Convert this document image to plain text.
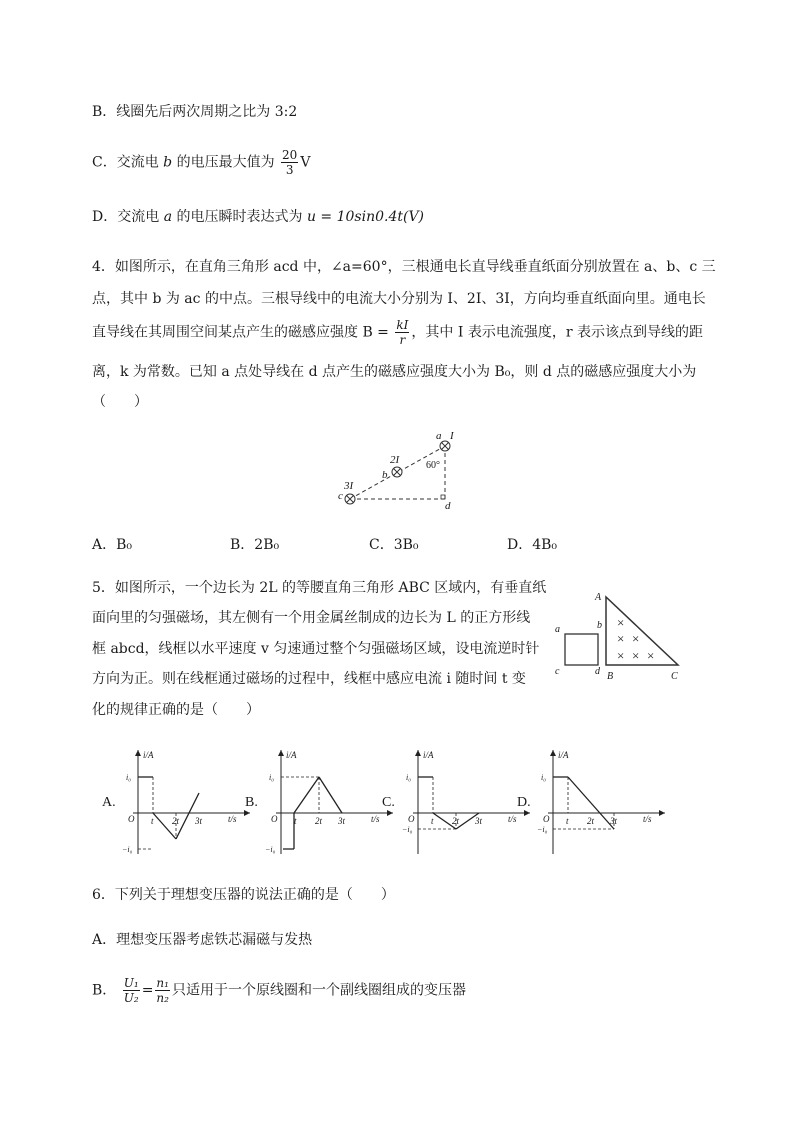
B．线圈先后两次周期之比为 3:2
C．交流电 b 的电压最大值为 $\frac{20}{3}$ V
D．交流电 a 的电压瞬时表达式为 u = 10sin0.4t(V)
4．如图所示，在直角三角形 acd 中，∠a=60°，三根通电长直导线垂直纸面分别放置在 a、b、c 三
点，其中 b 为 ac 的中点。三根导线中的电流大小分别为 I、2I、3I，方向均垂直纸面向里。通电长
直导线在其周围空间某点产生的磁感应强度 $B = \frac{kI}{r}$ ，其中 I 表示电流强度，r 表示该点到导线的距
离，k 为常数。已知 a 点处导线在 d 点产生的磁感应强度大小为 B₀，则 d 点的磁感应强度大小为
（　　）
a I
60°
2I
b
3I
c
d
A．B₀	B．2B₀	C．3B₀	D．4B₀
5．如图所示，一个边长为 2L 的等腰直角三角形 ABC 区域内，有垂直纸
面向里的匀强磁场，其左侧有一个用金属丝制成的边长为 L 的正方形线
框 abcd，线框以水平速度 v 匀速通过整个匀强磁场区域，设电流逆时针
方向为正。则在线框通过磁场的过程中，线框中感应电流 i 随时间 t 变
化的规律正确的是（　　）
×
× ×
× × ×
A
B	C
a	b
c	d
A.
i/A
t/s
O
i₀
−i₀
t 2t 3t
B.
i/A
t/s
O
i₀
−i₀
t 2t 3t
C.
i/A
t/s
O
i₀
−i₀
t 2t 3t
D.
i/A
t/s
O
i₀
−i₀
t 2t 3t
6．下列关于理想变压器的说法正确的是（　　）
A．理想变压器考虑铁芯漏磁与发热
B． $\frac{\text{U₁}}{\text{U₂}} = \frac{\text{n₁}}{\text{n₂}}$ 只适用于一个原线圈和一个副线圈组成的变压器
